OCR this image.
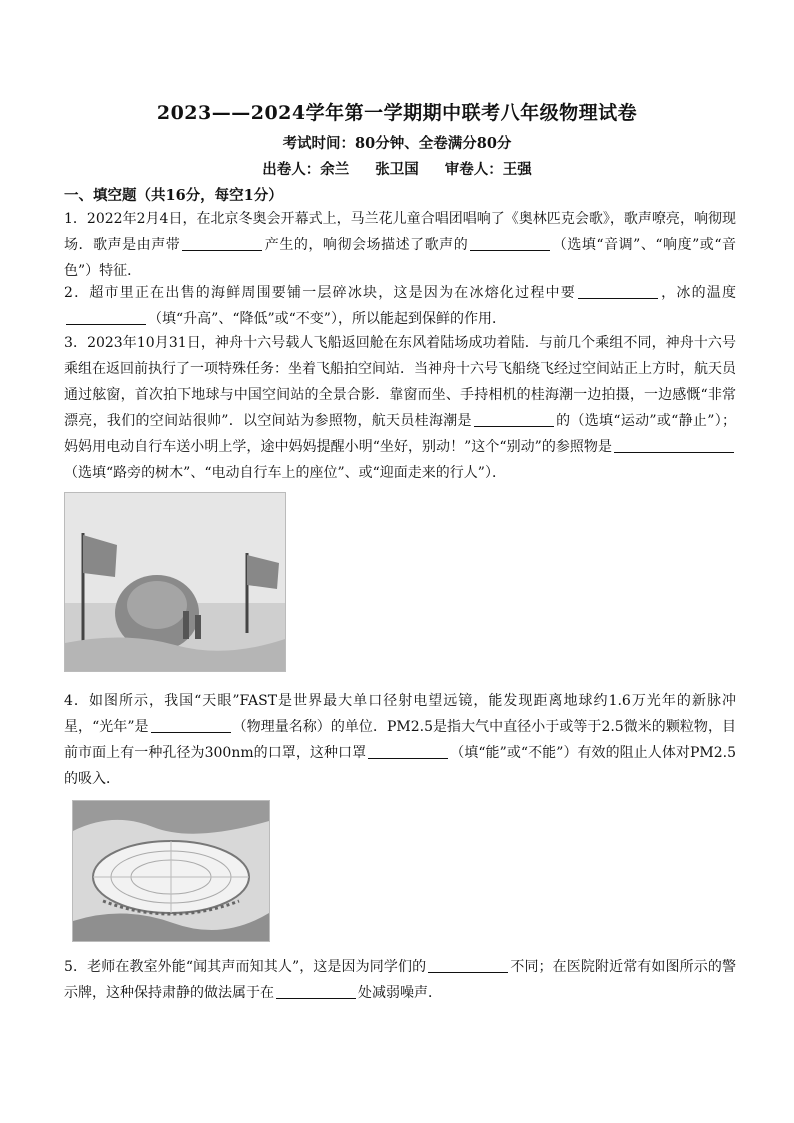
2023——2024学年第一学期期中联考八年级物理试卷
考试时间：80分钟、全卷满分80分
出卷人：余兰 张卫国 审卷人：王强
一、填空题（共16分，每空1分）
1．2022年2月4日，在北京冬奥会开幕式上，马兰花儿童合唱团唱响了《奥林匹克会歌》，歌声嘹亮，响彻现场．歌声是由声带	产生的，响彻会场描述了歌声的	（选填“音调”、“响度”或“音色”）特征．
2．超市里正在出售的海鲜周围要铺一层碎冰块，这是因为在冰熔化过程中要	，冰的温度（填“升高”、“降低”或“不变”），所以能起到保鲜的作用．
3．2023年10月31日，神舟十六号载人飞船返回舱在东风着陆场成功着陆．与前几个乘组不同，神舟十六号乘组在返回前执行了一项特殊任务：坐着飞船拍空间站．当神舟十六号飞船绕飞经过空间站正上方时，航天员通过舷窗，首次拍下地球与中国空间站的全景合影．靠窗而坐、手持相机的桂海潮一边拍摄，一边感慨“非常漂亮，我们的空间站很帅”．以空间站为参照物，航天员桂海潮是	的（选填“运动”或“静止”）；妈妈用电动自行车送小明上学，途中妈妈提醒小明“坐好，别动！”这个“别动”的参照物是（选填“路旁的树木”、“电动自行车上的座位”、或“迎面走来的行人”）．
4．如图所示，我国“天眼”FAST是世界最大单口径射电望远镜，能发现距离地球约1.6万光年的新脉冲星，“光年”是	（物理量名称）的单位．PM2.5是指大气中直径小于或等于2.5微米的颗粒物，目前市面上有一种孔径为300nm的口罩，这种口罩	（填“能”或“不能”）有效的阻止人体对PM2.5的吸入．
5．老师在教室外能“闻其声而知其人”，这是因为同学们的	不同；在医院附近常有如图所示的警示牌，这种保持肃静的做法属于在	处减弱噪声．
